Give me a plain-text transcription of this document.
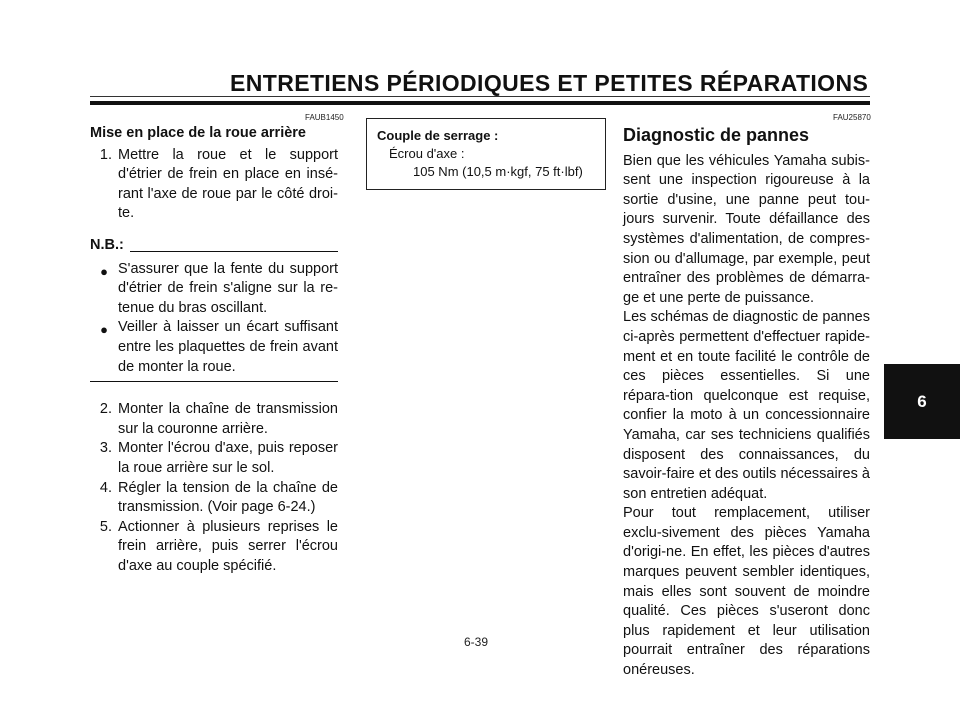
ENTRETIENS PÉRIODIQUES ET PETITES RÉPARATIONS
FAUB1450
Mise en place de la roue arrière
1. Mettre la roue et le support d'étrier de frein en place en insé-rant l'axe de roue par le côté droi-te.
N.B.:
● S'assurer que la fente du support d'étrier de frein s'aligne sur la re-tenue du bras oscillant.
● Veiller à laisser un écart suffisant entre les plaquettes de frein avant de monter la roue.
2. Monter la chaîne de transmission sur la couronne arrière.
3. Monter l'écrou d'axe, puis reposer la roue arrière sur le sol.
4. Régler la tension de la chaîne de transmission. (Voir page 6-24.)
5. Actionner à plusieurs reprises le frein arrière, puis serrer l'écrou d'axe au couple spécifié.
Couple de serrage :
Écrou d'axe :
105 Nm (10,5 m·kgf, 75 ft·lbf)
FAU25870
Diagnostic de pannes

Bien que les véhicules Yamaha subis-sent une inspection rigoureuse à la sortie d'usine, une panne peut tou-jours survenir. Toute défaillance des systèmes d'alimentation, de compres-sion ou d'allumage, par exemple, peut entraîner des problèmes de démarra-ge et une perte de puissance.

Les schémas de diagnostic de pannes ci-après permettent d'effectuer rapide-ment et en toute facilité le contrôle de ces pièces essentielles. Si une répara-tion quelconque est requise, confier la moto à un concessionnaire Yamaha, car ses techniciens qualifiés disposent des connaissances, du savoir-faire et des outils nécessaires à son entretien adéquat.

Pour tout remplacement, utiliser exclu-sivement des pièces Yamaha d'origi-ne. En effet, les pièces d'autres marques peuvent sembler identiques, mais elles sont souvent de moindre qualité. Ces pièces s'useront donc plus rapidement et leur utilisation pourrait entraîner des réparations onéreuses.

6
6-39
